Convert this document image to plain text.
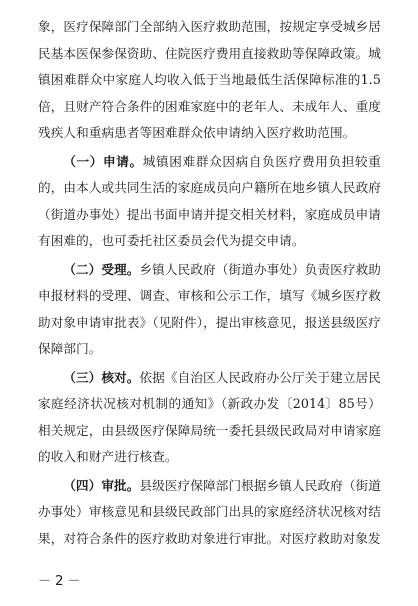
象，医疗保障部门全部纳入医疗救助范围，按规定享受城乡居民基本医保参保资助、住院医疗费用直接救助等保障政策。城镇困难群众中家庭人均收入低于当地最低生活保障标准的1.5倍，且财产符合条件的困难家庭中的老年人、未成年人、重度残疾人和重病患者等困难群众依申请纳入医疗救助范围。

（一）申请。城镇困难群众因病自负医疗费用负担较重的，由本人或共同生活的家庭成员向户籍所在地乡镇人民政府（街道办事处）提出书面申请并提交相关材料，家庭成员申请有困难的，也可委托社区委员会代为提交申请。

（二）受理。乡镇人民政府（街道办事处）负责医疗救助申报材料的受理、调查、审核和公示工作，填写《城乡医疗救助对象申请审批表》（见附件），提出审核意见，报送县级医疗保障部门。

（三）核对。依据《自治区人民政府办公厅关于建立居民家庭经济状况核对机制的通知》（新政办发〔2014〕85号）相关规定，由县级医疗保障局统一委托县级民政局对申请家庭的收入和财产进行核查。

（四）审批。县级医疗保障部门根据乡镇人民政府（街道办事处）审核意见和县级民政部门出具的家庭经济状况核对结果，对符合条件的医疗救助对象进行审批。对医疗救助对象发

－ 2 －
